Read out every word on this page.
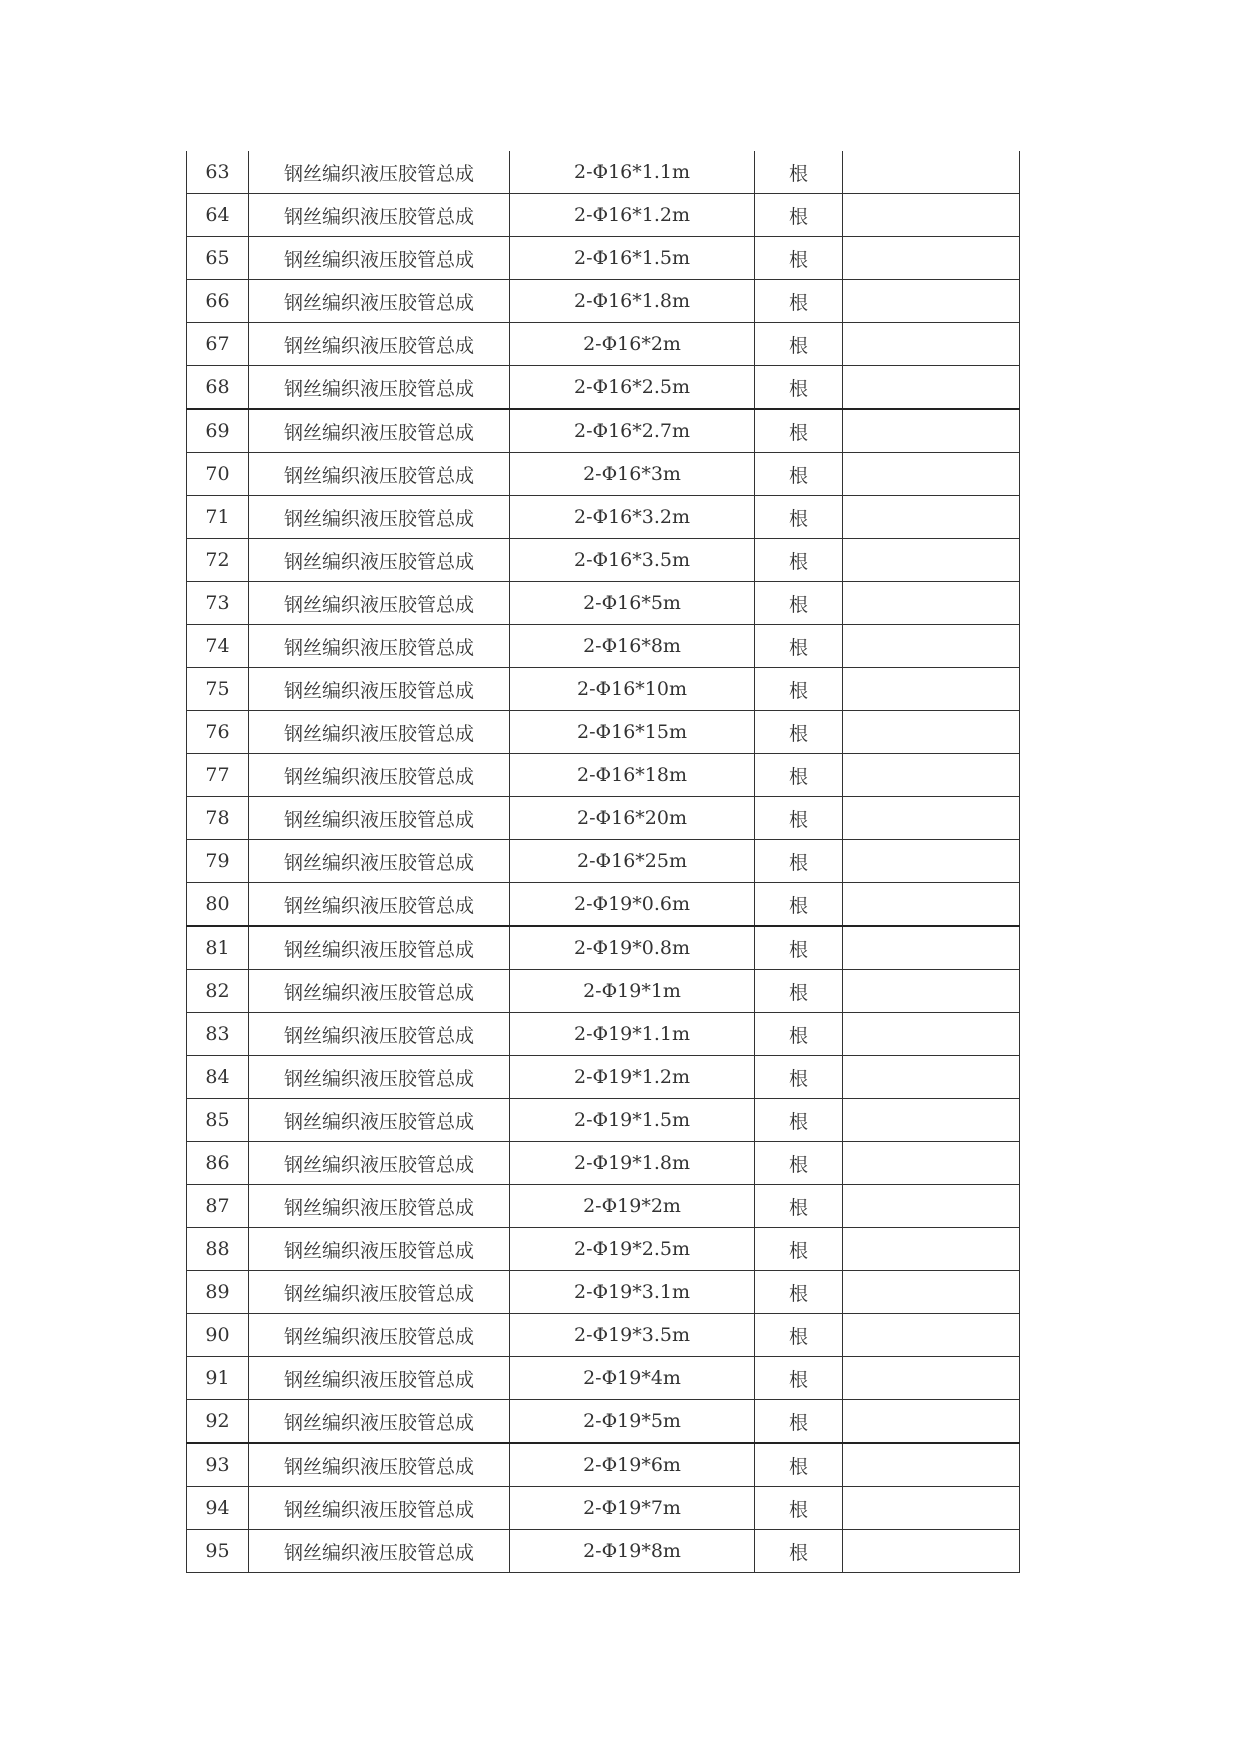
63	钢丝编织液压胶管总成	2-Φ16*1.1m	根	
64	钢丝编织液压胶管总成	2-Φ16*1.2m	根	
65	钢丝编织液压胶管总成	2-Φ16*1.5m	根	
66	钢丝编织液压胶管总成	2-Φ16*1.8m	根	
67	钢丝编织液压胶管总成	2-Φ16*2m	根	
68	钢丝编织液压胶管总成	2-Φ16*2.5m	根	
69	钢丝编织液压胶管总成	2-Φ16*2.7m	根	
70	钢丝编织液压胶管总成	2-Φ16*3m	根	
71	钢丝编织液压胶管总成	2-Φ16*3.2m	根	
72	钢丝编织液压胶管总成	2-Φ16*3.5m	根	
73	钢丝编织液压胶管总成	2-Φ16*5m	根	
74	钢丝编织液压胶管总成	2-Φ16*8m	根	
75	钢丝编织液压胶管总成	2-Φ16*10m	根	
76	钢丝编织液压胶管总成	2-Φ16*15m	根	
77	钢丝编织液压胶管总成	2-Φ16*18m	根	
78	钢丝编织液压胶管总成	2-Φ16*20m	根	
79	钢丝编织液压胶管总成	2-Φ16*25m	根	
80	钢丝编织液压胶管总成	2-Φ19*0.6m	根	
81	钢丝编织液压胶管总成	2-Φ19*0.8m	根	
82	钢丝编织液压胶管总成	2-Φ19*1m	根	
83	钢丝编织液压胶管总成	2-Φ19*1.1m	根	
84	钢丝编织液压胶管总成	2-Φ19*1.2m	根	
85	钢丝编织液压胶管总成	2-Φ19*1.5m	根	
86	钢丝编织液压胶管总成	2-Φ19*1.8m	根	
87	钢丝编织液压胶管总成	2-Φ19*2m	根	
88	钢丝编织液压胶管总成	2-Φ19*2.5m	根	
89	钢丝编织液压胶管总成	2-Φ19*3.1m	根	
90	钢丝编织液压胶管总成	2-Φ19*3.5m	根	
91	钢丝编织液压胶管总成	2-Φ19*4m	根	
92	钢丝编织液压胶管总成	2-Φ19*5m	根	
93	钢丝编织液压胶管总成	2-Φ19*6m	根	
94	钢丝编织液压胶管总成	2-Φ19*7m	根	
95	钢丝编织液压胶管总成	2-Φ19*8m	根	
